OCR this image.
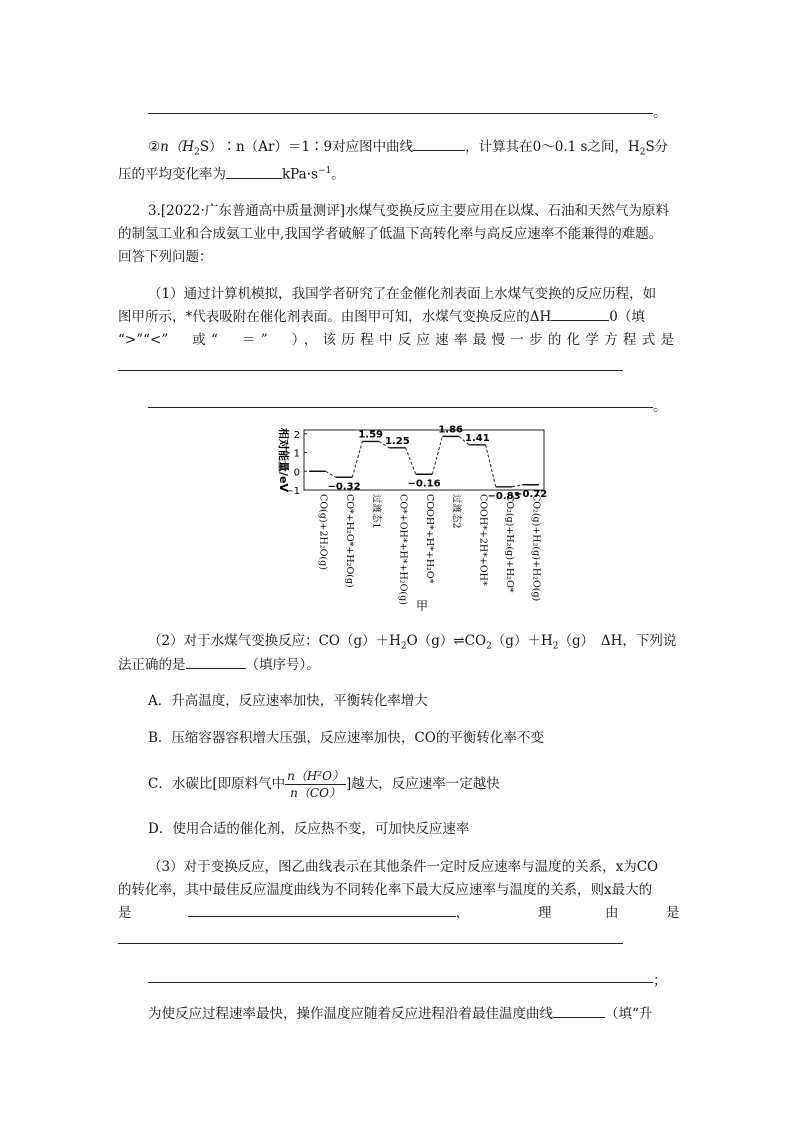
。
$②n(H_2S)∶n(Ar)=1∶9$对应图中曲线	，计算其在0～0.1 s之间，$H_2S$分
压的平均变化率为	$kPa\cdot s^{-1}$。
3.[2022·广东普通高中质量测评]水煤气变换反应主要应用在以煤、石油和天然气为原料
的制氢工业和合成氨工业中,我国学者破解了低温下高转化率与高反应速率不能兼得的难题。
回答下列问题：
（1）通过计算机模拟，我国学者研究了在金催化剂表面上水煤气变换的反应历程，如
图甲所示，*代表吸附在催化剂表面。由图甲可知，水煤气变换反应的ΔH	0（填
“>”“<”　或“　＝”　），该历程中反应速率最慢一步的化学方程式是
。
2
1
0
−1
相对能量/eV
CO(g)+2H₂O(g)
−0.32
CO*+H₂O*+H₂O(g)
1.59
过渡态1
1.25
CO*+OH*+H*+H₂O(g)
−0.16
COOH*+H*+H₂O*
1.86
过渡态2
1.41
COOH*+2H*+OH* −0.83
CO₂(g)+H₂(g)+H₂O* −0.72
CO₂(g)+H₂(g)+H₂O(g)
甲
（2）对于水煤气变换反应：$CO(g)+H_2O(g)\rightleftharpoons CO_2(g)+H_2(g)$　ΔH，下列说
法正确的是	（填序号）。
A．升高温度，反应速率加快，平衡转化率增大
B．压缩容器容积增大压强，反应速率加快，CO的平衡转化率不变
C．水碳比[即原料气中 $\frac{\text{n（H²O）}}{n(CO)}$ ]越大，反应速率一定越快
D．使用合适的催化剂，反应热不变，可加快反应速率
（3）对于变换反应，图乙曲线表示在其他条件一定时反应速率与温度的关系，x为CO
的转化率，其中最佳反应温度曲线为不同转化率下最大反应速率与温度的关系，则x最大的
是	，	理	由	是
；
为使反应过程速率最快，操作温度应随着反应进程沿着最佳温度曲线	（填“升
